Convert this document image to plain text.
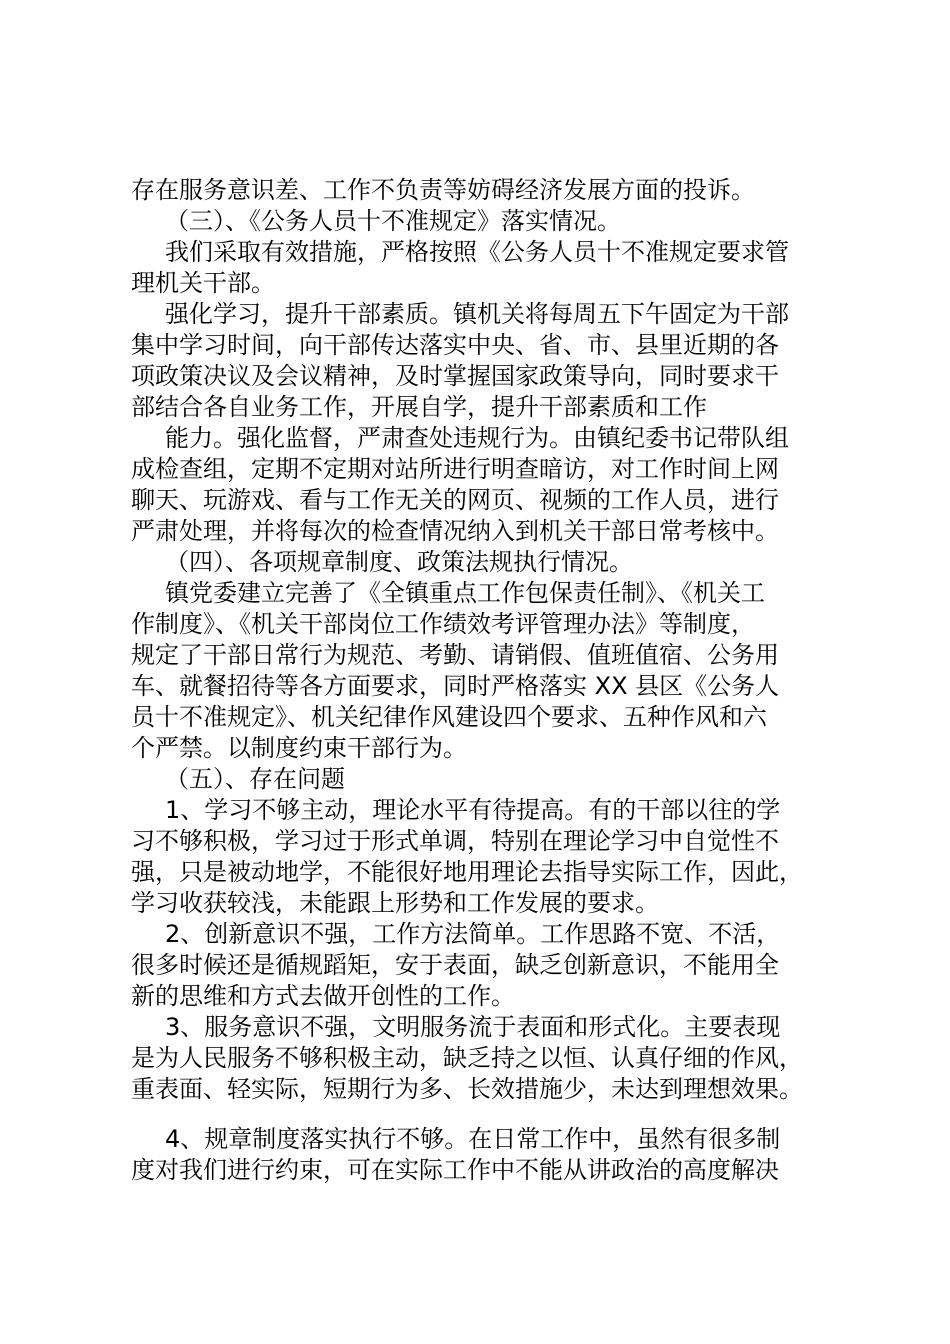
存在服务意识差、工作不负责等妨碍经济发展方面的投诉。
（三）、《公务人员十不准规定》落实情况。
我们采取有效措施，严格按照《公务人员十不准规定要求管
理机关干部。
强化学习，提升干部素质。镇机关将每周五下午固定为干部
集中学习时间，向干部传达落实中央、省、市、县里近期的各
项政策决议及会议精神，及时掌握国家政策导向，同时要求干
部结合各自业务工作，开展自学，提升干部素质和工作
能力。强化监督，严肃查处违规行为。由镇纪委书记带队组
成检查组，定期不定期对站所进行明查暗访，对工作时间上网
聊天、玩游戏、看与工作无关的网页、视频的工作人员，进行
严肃处理，并将每次的检查情况纳入到机关干部日常考核中。
（四）、各项规章制度、政策法规执行情况。
镇党委建立完善了《全镇重点工作包保责任制》、《机关工
作制度》、《机关干部岗位工作绩效考评管理办法》等制度，
规定了干部日常行为规范、考勤、请销假、值班值宿、公务用
车、就餐招待等各方面要求，同时严格落实 XX 县区《公务人
员十不准规定》、机关纪律作风建设四个要求、五种作风和六
个严禁。以制度约束干部行为。
（五）、存在问题
1、学习不够主动，理论水平有待提高。有的干部以往的学
习不够积极，学习过于形式单调，特别在理论学习中自觉性不
强，只是被动地学，不能很好地用理论去指导实际工作，因此，
学习收获较浅，未能跟上形势和工作发展的要求。
2、创新意识不强，工作方法简单。工作思路不宽、不活，
很多时候还是循规蹈矩，安于表面，缺乏创新意识，不能用全
新的思维和方式去做开创性的工作。
3、服务意识不强，文明服务流于表面和形式化。主要表现
是为人民服务不够积极主动，缺乏持之以恒、认真仔细的作风，
重表面、轻实际，短期行为多、长效措施少，未达到理想效果。
4、规章制度落实执行不够。在日常工作中，虽然有很多制
度对我们进行约束，可在实际工作中不能从讲政治的高度解决
